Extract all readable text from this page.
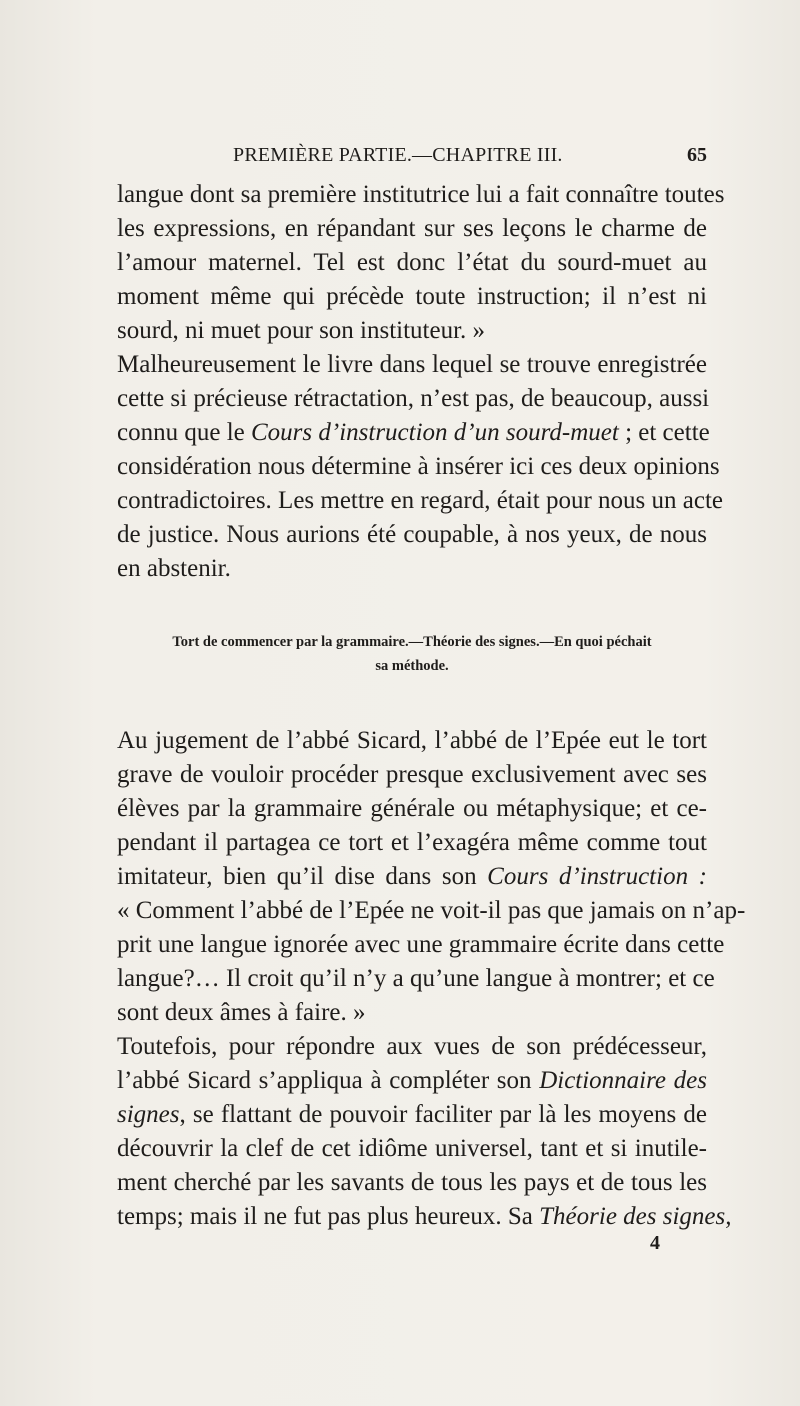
PREMIÈRE PARTIE.—CHAPITRE III.	65
langue dont sa première institutrice lui a fait connaître toutes
les expressions, en répandant sur ses leçons le charme de
l’amour maternel. Tel est donc l’état du sourd-muet au
moment même qui précède toute instruction; il n’est ni
sourd, ni muet pour son instituteur. »
Malheureusement le livre dans lequel se trouve enregistrée
cette si précieuse rétractation, n’est pas, de beaucoup, aussi
connu que le Cours d’instruction d’un sourd-muet ; et cette
considération nous détermine à insérer ici ces deux opinions
contradictoires. Les mettre en regard, était pour nous un acte
de justice. Nous aurions été coupable, à nos yeux, de nous
en abstenir.
Tort de commencer par la grammaire.—Théorie des signes.—En quoi péchait
sa méthode.
Au jugement de l’abbé Sicard, l’abbé de l’Epée eut le tort
grave de vouloir procéder presque exclusivement avec ses
élèves par la grammaire générale ou métaphysique; et ce-
pendant il partagea ce tort et l’exagéra même comme tout
imitateur, bien qu’il dise dans son Cours d’instruction :
« Comment l’abbé de l’Epée ne voit-il pas que jamais on n’ap-
prit une langue ignorée avec une grammaire écrite dans cette
langue?… Il croit qu’il n’y a qu’une langue à montrer; et ce
sont deux âmes à faire. »
Toutefois, pour répondre aux vues de son prédécesseur,
l’abbé Sicard s’appliqua à compléter son Dictionnaire des
signes, se flattant de pouvoir faciliter par là les moyens de
découvrir la clef de cet idiôme universel, tant et si inutile-
ment cherché par les savants de tous les pays et de tous les
temps; mais il ne fut pas plus heureux. Sa Théorie des signes,
4
